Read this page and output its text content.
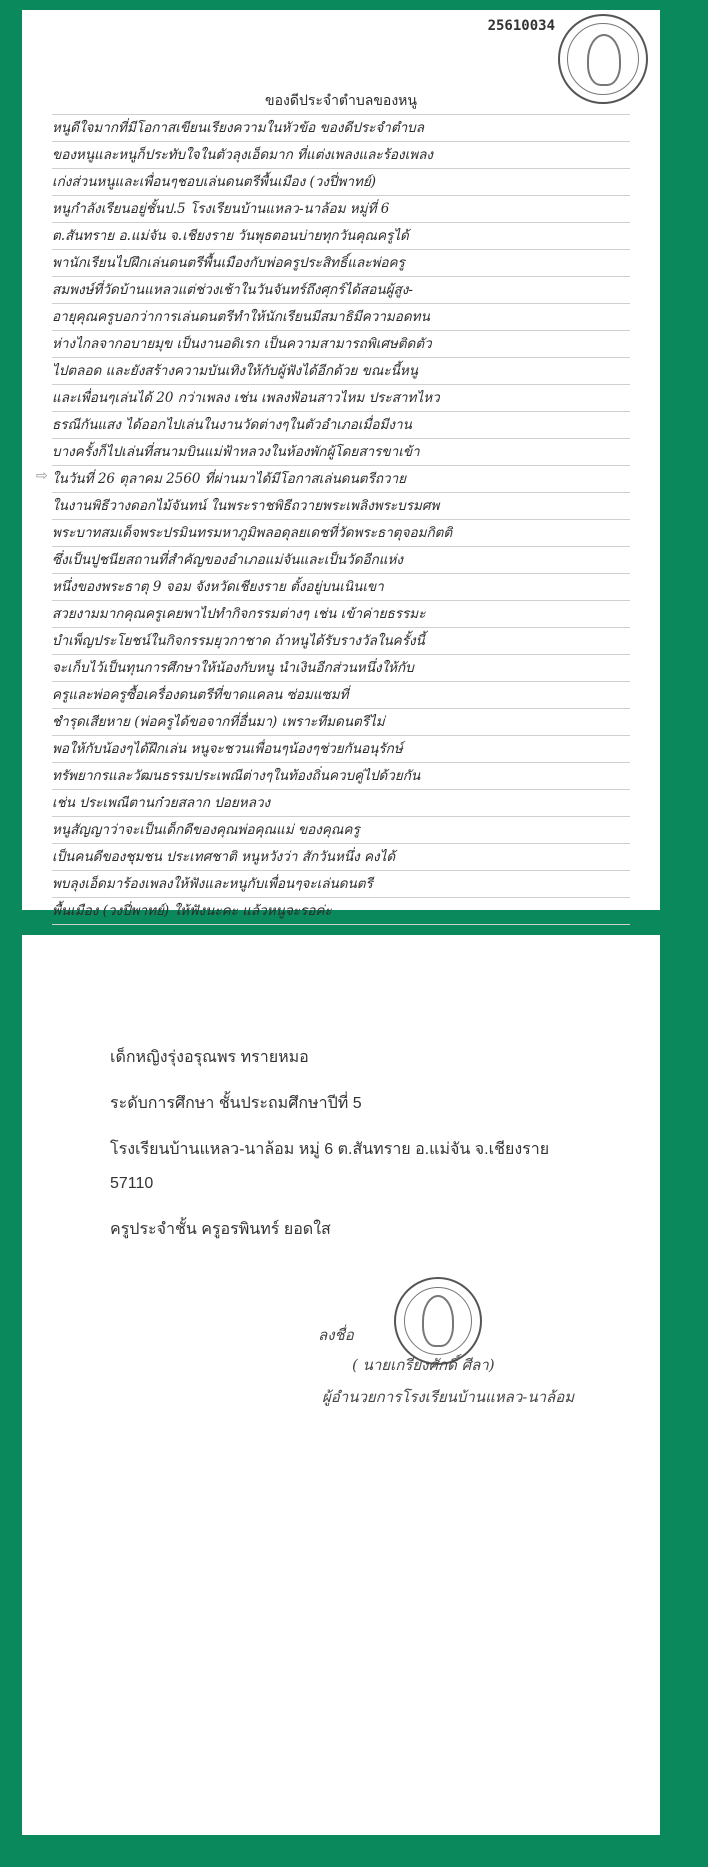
25610034
⇨
ของดีประจำตำบลของหนู
หนูดีใจมากที่มีโอกาสเขียนเรียงความในหัวข้อ ของดีประจำตำบล
ของหนูและหนูก็ประทับใจในตัวลุงเอ็ดมาก ที่แต่งเพลงและร้องเพลง
เก่งส่วนหนูและเพื่อนๆชอบเล่นดนตรีพื้นเมือง (วงปี่พาทย์)
หนูกำลังเรียนอยู่ชั้นป.5 โรงเรียนบ้านแหลว-นาล้อม หมู่ที่ 6
ต.สันทราย อ.แม่จัน จ.เชียงราย วันพุธตอนบ่ายทุกวันคุณครูได้
พานักเรียนไปฝึกเล่นดนตรีพื้นเมืองกับพ่อครูประสิทธิ์และพ่อครู
สมพงษ์ที่วัดบ้านแหลวแต่ช่วงเช้าในวันจันทร์ถึงศุกร์ได้สอนผู้สูง-
อายุคุณครูบอกว่าการเล่นดนตรีทำให้นักเรียนมีสมาธิมีความอดทน
ห่างไกลจากอบายมุข เป็นงานอดิเรก เป็นความสามารถพิเศษติดตัว
ไปตลอด และยังสร้างความบันเทิงให้กับผู้ฟังได้อีกด้วย ขณะนี้หนู
และเพื่อนๆเล่นได้ 20 กว่าเพลง เช่น เพลงฟ้อนสาวไหม ประสาทไหว
ธรณีกันแสง ได้ออกไปเล่นในงานวัดต่างๆในตัวอำเภอเมื่อมีงาน
บางครั้งก็ไปเล่นที่สนามบินแม่ฟ้าหลวงในห้องพักผู้โดยสารขาเข้า
ในวันที่ 26 ตุลาคม 2560 ที่ผ่านมาได้มีโอกาสเล่นดนตรีถวาย
ในงานพิธีวางดอกไม้จันทน์ ในพระราชพิธีถวายพระเพลิงพระบรมศพ
พระบาทสมเด็จพระปรมินทรมหาภูมิพลอดุลยเดชที่วัดพระธาตุจอมกิตติ
ซึ่งเป็นปูชนียสถานที่สำคัญของอำเภอแม่จันและเป็นวัดอีกแห่ง
หนึ่งของพระธาตุ 9 จอม จังหวัดเชียงราย ตั้งอยู่บนเนินเขา
สวยงามมากคุณครูเคยพาไปทำกิจกรรมต่างๆ เช่น เข้าค่ายธรรมะ
บำเพ็ญประโยชน์ในกิจกรรมยุวกาชาด ถ้าหนูได้รับรางวัลในครั้งนี้
จะเก็บไว้เป็นทุนการศึกษาให้น้องกับหนู นำเงินอีกส่วนหนึ่งให้กับ
ครูและพ่อครูซื้อเครื่องดนตรีที่ขาดแคลน ซ่อมแซมที่
ชำรุดเสียหาย (พ่อครูได้ขอจากที่อื่นมา) เพราะทีมดนตรีไม่
พอให้กับน้องๆได้ฝึกเล่น หนูจะชวนเพื่อนๆน้องๆช่วยกันอนุรักษ์
ทรัพยากรและวัฒนธรรมประเพณีต่างๆในท้องถิ่นควบคู่ไปด้วยกัน
เช่น ประเพณีตานก๋วยสลาก ปอยหลวง
หนูสัญญาว่าจะเป็นเด็กดีของคุณพ่อคุณแม่ ของคุณครู
เป็นคนดีของชุมชน ประเทศชาติ หนูหวังว่า สักวันหนึ่ง คงได้
พบลุงเอ็ดมาร้องเพลงให้ฟังและหนูกับเพื่อนๆจะเล่นดนตรี
พื้นเมือง (วงปี่พาทย์) ให้ฟังนะคะ แล้วหนูจะรอค่ะ

เด็กหญิงรุ่งอรุณพร ทรายหมอ

ระดับการศึกษา ชั้นประถมศึกษาปีที่ 5

โรงเรียนบ้านแหลว-นาล้อม หมู่ 6 ต.สันทราย อ.แม่จัน จ.เชียงราย

57110

ครูประจำชั้น ครูอรพินทร์ ยอดใส

ลงชื่อ
( นายเกรียงศักดิ์ ศีลา)
ผู้อำนวยการโรงเรียนบ้านแหลว-นาล้อม
